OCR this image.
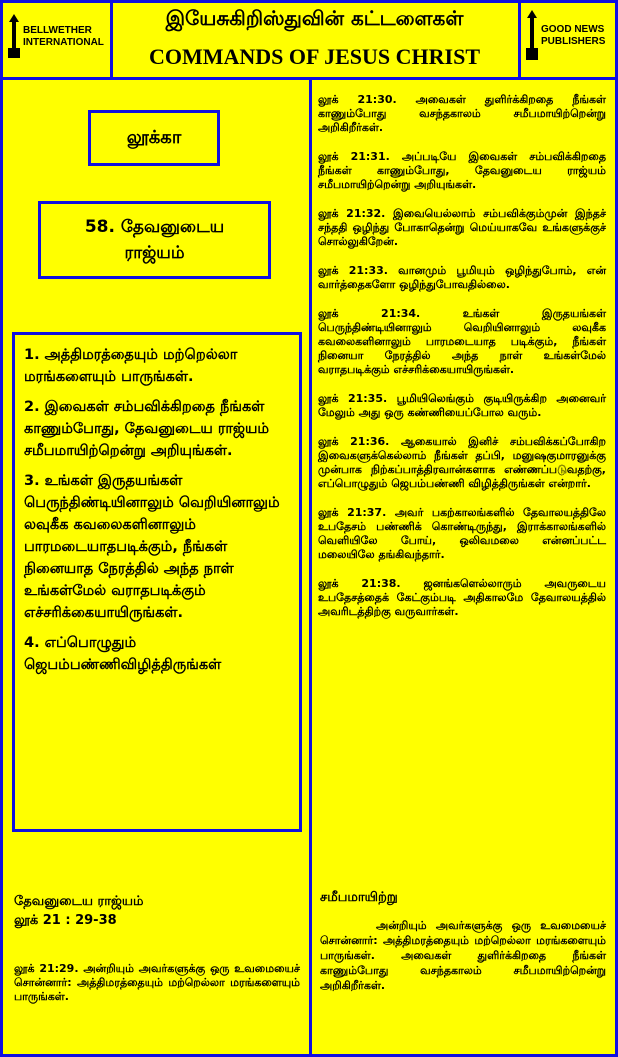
BELLWETHER INTERNATIONAL
GOOD NEWS PUBLISHERS
இயேசுகிறிஸ்துவின் கட்டளைகள்
COMMANDS OF JESUS CHRIST
லூக்கா
58. தேவனுடைய ராஜ்யம்

1. அத்திமரத்தையும் மற்றெல்லா மரங்களையும் பாருங்கள்.

2. இவைகள் சம்பவிக்கிறதை நீங்கள் காணும்போது, தேவனுடைய ராஜ்யம் சமீபமாயிற்றென்று அறியுங்கள்.

3. உங்கள் இருதயங்கள் பெருந்திண்டியினாலும் வெறியினாலும் லவுகீக கவலைகளினாலும் பாரமடையாதபடிக்கும், நீங்கள் நினையாத நேரத்தில் அந்த நாள் உங்கள்மேல் வராதபடிக்கும் எச்சரிக்கையாயிருங்கள்.

4. எப்பொழுதும் ஜெபம்பண்ணிவிழித்திருங்கள்

தேவனுடைய ராஜ்யம்
லூக் 21 : 29-38
லூக் 21:29. அன்றியும் அவர்களுக்கு ஒரு உவமையைச் சொன்னார்: அத்திமரத்தையும் மற்றெல்லா மரங்களையும் பாருங்கள்.

லூக் 21:30. அவைகள் துளிர்க்கிறதை நீங்கள் காணும்போது வசந்தகாலம் சமீபமாயிற்றென்று அறிகிறீர்கள்.

லூக் 21:31. அப்படியே இவைகள் சம்பவிக்கிறதை நீங்கள் காணும்போது, தேவனுடைய ராஜ்யம் சமீபமாயிற்றென்று அறியுங்கள்.

லூக் 21:32. இவையெல்லாம் சம்பவிக்கும்முன் இந்தச் சந்ததி ஒழிந்து போகாதென்று மெய்யாகவே உங்களுக்குச் சொல்லுகிறேன்.

லூக் 21:33. வானமும் பூமியும் ஒழிந்துபோம், என் வார்த்தைகளோ ஒழிந்துபோவதில்லை.

லூக் 21:34. உங்கள் இருதயங்கள் பெருந்திண்டியினாலும் வெறியினாலும் லவுகீக கவலைகளினாலும் பாரமடையாத படிக்கும், நீங்கள் நினையா நேரத்தில் அந்த நாள் உங்கள்மேல் வராதபடிக்கும் எச்சரிக்கையாயிருங்கள்.

லூக் 21:35. பூமியிலெங்கும் குடியிருக்கிற அனைவர் மேலும் அது ஒரு கண்ணியைப்போல வரும்.

லூக் 21:36. ஆகையால் இனிச் சம்பவிக்கப்போகிற இவைகளுக்கெல்லாம் நீங்கள் தப்பி, மனுஷகுமாரனுக்கு முன்பாக நிற்கப்பாத்திரவான்களாக எண்ணப்படுவதற்கு, எப்பொழுதும் ஜெபம்பண்ணி விழித்திருங்கள் என்றார்.

லூக் 21:37. அவர் பகற்காலங்களில் தேவாலயத்திலே உபதேசம் பண்ணிக் கொண்டிருந்து, இராக்காலங்களில் வெளியிலே போய், ஒலிவமலை என்னப்பட்ட மலையிலே தங்கிவந்தார்.

லூக் 21:38. ஜனங்களெல்லாரும் அவருடைய உபதேசத்தைக் கேட்கும்படி அதிகாலமே தேவாலயத்தில் அவரிடத்திற்கு வருவார்கள்.

சமீபமாயிற்று
அன்றியும் அவர்களுக்கு ஒரு உவமையைச் சொன்னார்: அத்திமரத்தையும் மற்றெல்லா மரங்களையும் பாருங்கள். அவைகள் துளிர்க்கிறதை நீங்கள் காணும்போது வசந்தகாலம் சமீபமாயிற்றென்று அறிகிறீர்கள்.
